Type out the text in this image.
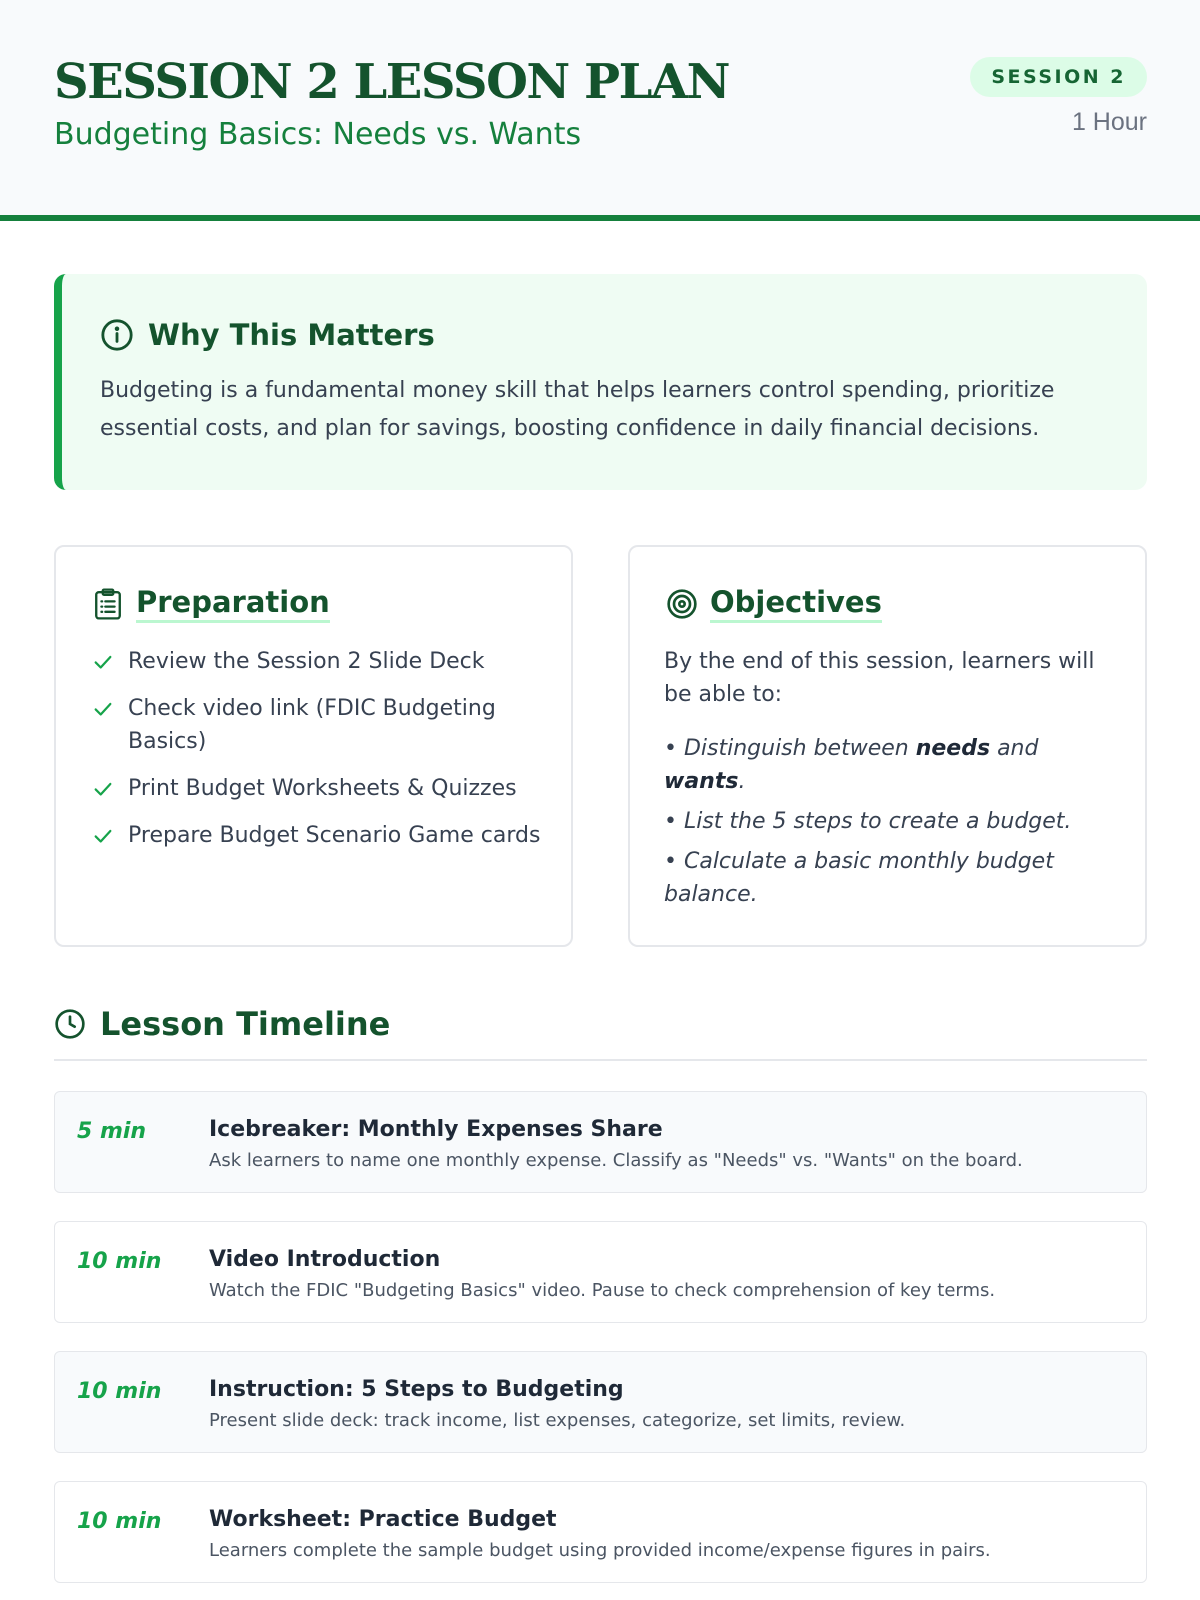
SESSION 2 LESSON PLAN
Budgeting Basics: Needs vs. Wants
SESSION 2
1 Hour
Why This Matters
Budgeting is a fundamental money skill that helps learners control spending, prioritize essential costs, and plan for savings, boosting confidence in daily financial decisions.
Preparation
Review the Session 2 Slide Deck
Check video link (FDIC Budgeting Basics)
Print Budget Worksheets & Quizzes
Prepare Budget Scenario Game cards
Objectives
By the end of this session, learners will be able to:
• Distinguish between needs and wants.
• List the 5 steps to create a budget.
• Calculate a basic monthly budget balance.
Lesson Timeline
5 min	Icebreaker: Monthly Expenses Share
Ask learners to name one monthly expense. Classify as "Needs" vs. "Wants" on the board.
10 min Video Introduction
Watch the FDIC "Budgeting Basics" video. Pause to check comprehension of key terms.
10 min Instruction: 5 Steps to Budgeting
Present slide deck: track income, list expenses, categorize, set limits, review.
10 min Worksheet: Practice Budget
Learners complete the sample budget using provided income/expense figures in pairs.
